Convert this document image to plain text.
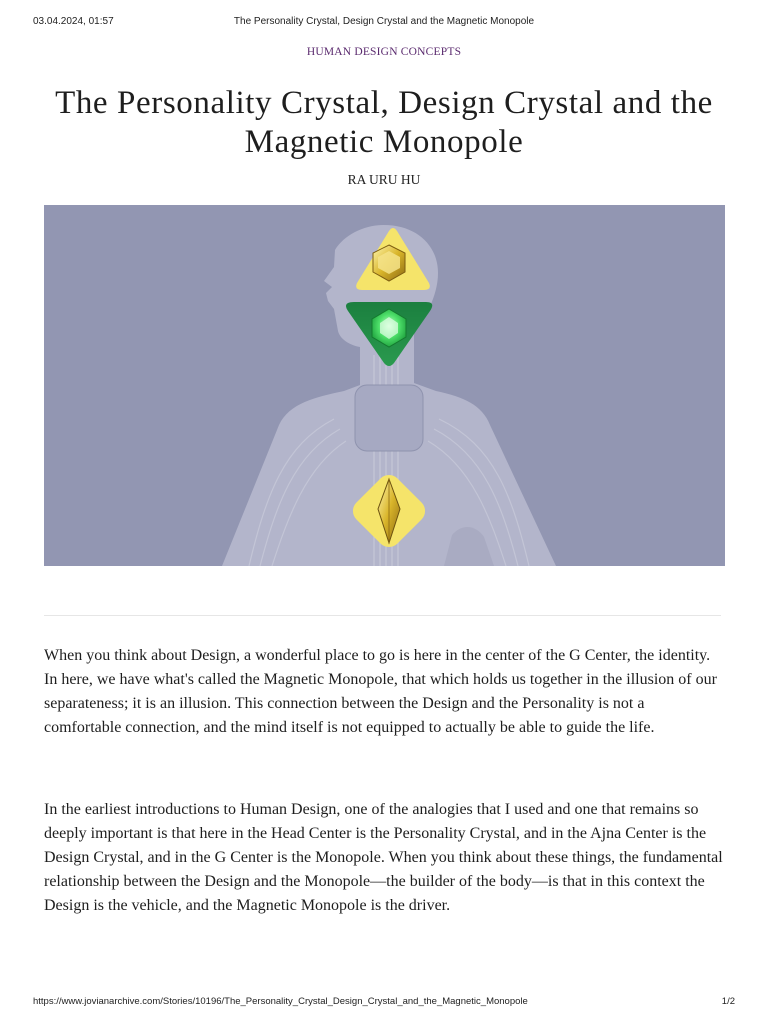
03.04.2024, 01:57	The Personality Crystal, Design Crystal and the Magnetic Monopole
HUMAN DESIGN CONCEPTS
The Personality Crystal, Design Crystal and the Magnetic Monopole
RA URU HU

When you think about Design, a wonderful place to go is here in the center of the G Center, the identity. In here, we have what's called the Magnetic Monopole, that which holds us together in the illusion of our separateness; it is an illusion. This connection between the Design and the Personality is not a comfortable connection, and the mind itself is not equipped to actually be able to guide the life.

In the earliest introductions to Human Design, one of the analogies that I used and one that remains so deeply important is that here in the Head Center is the Personality Crystal, and in the Ajna Center is the Design Crystal, and in the G Center is the Monopole. When you think about these things, the fundamental relationship between the Design and the Monopole—the builder of the body—is that in this context the Design is the vehicle, and the Magnetic Monopole is the driver.

https://www.jovianarchive.com/Stories/10196/The_Personality_Crystal_Design_Crystal_and_the_Magnetic_Monopole	1/2
